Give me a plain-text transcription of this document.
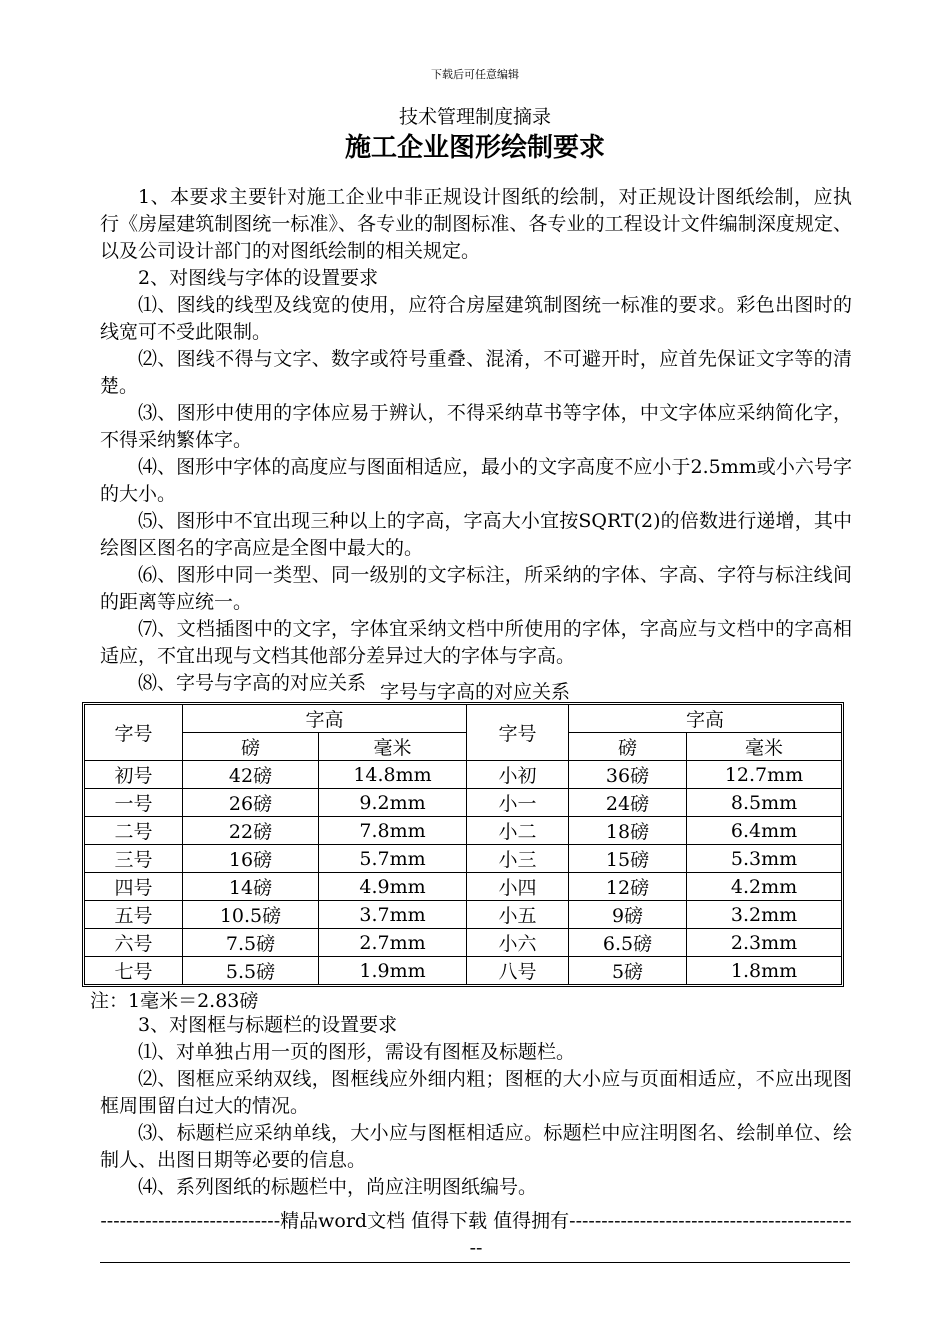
下载后可任意编辑
技术管理制度摘录
施工企业图形绘制要求

1、本要求主要针对施工企业中非正规设计图纸的绘制，对正规设计图纸绘制，应执行《房屋建筑制图统一标准》、各专业的制图标准、各专业的工程设计文件编制深度规定、以及公司设计部门的对图纸绘制的相关规定。

2、对图线与字体的设置要求

⑴、图线的线型及线宽的使用，应符合房屋建筑制图统一标准的要求。彩色出图时的线宽可不受此限制。

⑵、图线不得与文字、数字或符号重叠、混淆，不可避开时，应首先保证文字等的清楚。

⑶、图形中使用的字体应易于辨认，不得采纳草书等字体，中文字体应采纳简化字，不得采纳繁体字。

⑷、图形中字体的高度应与图面相适应，最小的文字高度不应小于2.5mm或小六号字的大小。

⑸、图形中不宜出现三种以上的字高，字高大小宜按SQRT(2)的倍数进行递增，其中绘图区图名的字高应是全图中最大的。

⑹、图形中同一类型、同一级别的文字标注，所采纳的字体、字高、字符与标注线间的距离等应统一。

⑺、文档插图中的文字，字体宜采纳文档中所使用的字体，字高应与文档中的字高相适应，不宜出现与文档其他部分差异过大的字体与字高。

⑻、字号与字高的对应关系 字号与字高的对应关系
字号	字高		字号	字高	
	磅	毫米		磅	毫米
初号	42磅	14.8mm	小初	36磅	12.7mm
一号	26磅	9.2mm	小一	24磅	8.5mm
二号	22磅	7.8mm	小二	18磅	6.4mm
三号	16磅	5.7mm	小三	15磅	5.3mm
四号	14磅	4.9mm	小四	12磅	4.2mm
五号	10.5磅	3.7mm	小五	9磅	3.2mm
六号	7.5磅	2.7mm	小六	6.5磅	2.3mm
七号	5.5磅	1.9mm	八号	5磅	1.8mm
注：1毫米＝2.83磅

3、对图框与标题栏的设置要求

⑴、对单独占用一页的图形，需设有图框及标题栏。

⑵、图框应采纳双线，图框线应外细内粗；图框的大小应与页面相适应，不应出现图框周围留白过大的情况。

⑶、标题栏应采纳单线，大小应与图框相适应。标题栏中应注明图名、绘制单位、绘制人、出图日期等必要的信息。

⑷、系列图纸的标题栏中，尚应注明图纸编号。

----------------------------精品word文档 值得下载 值得拥有----------------------------------------------
